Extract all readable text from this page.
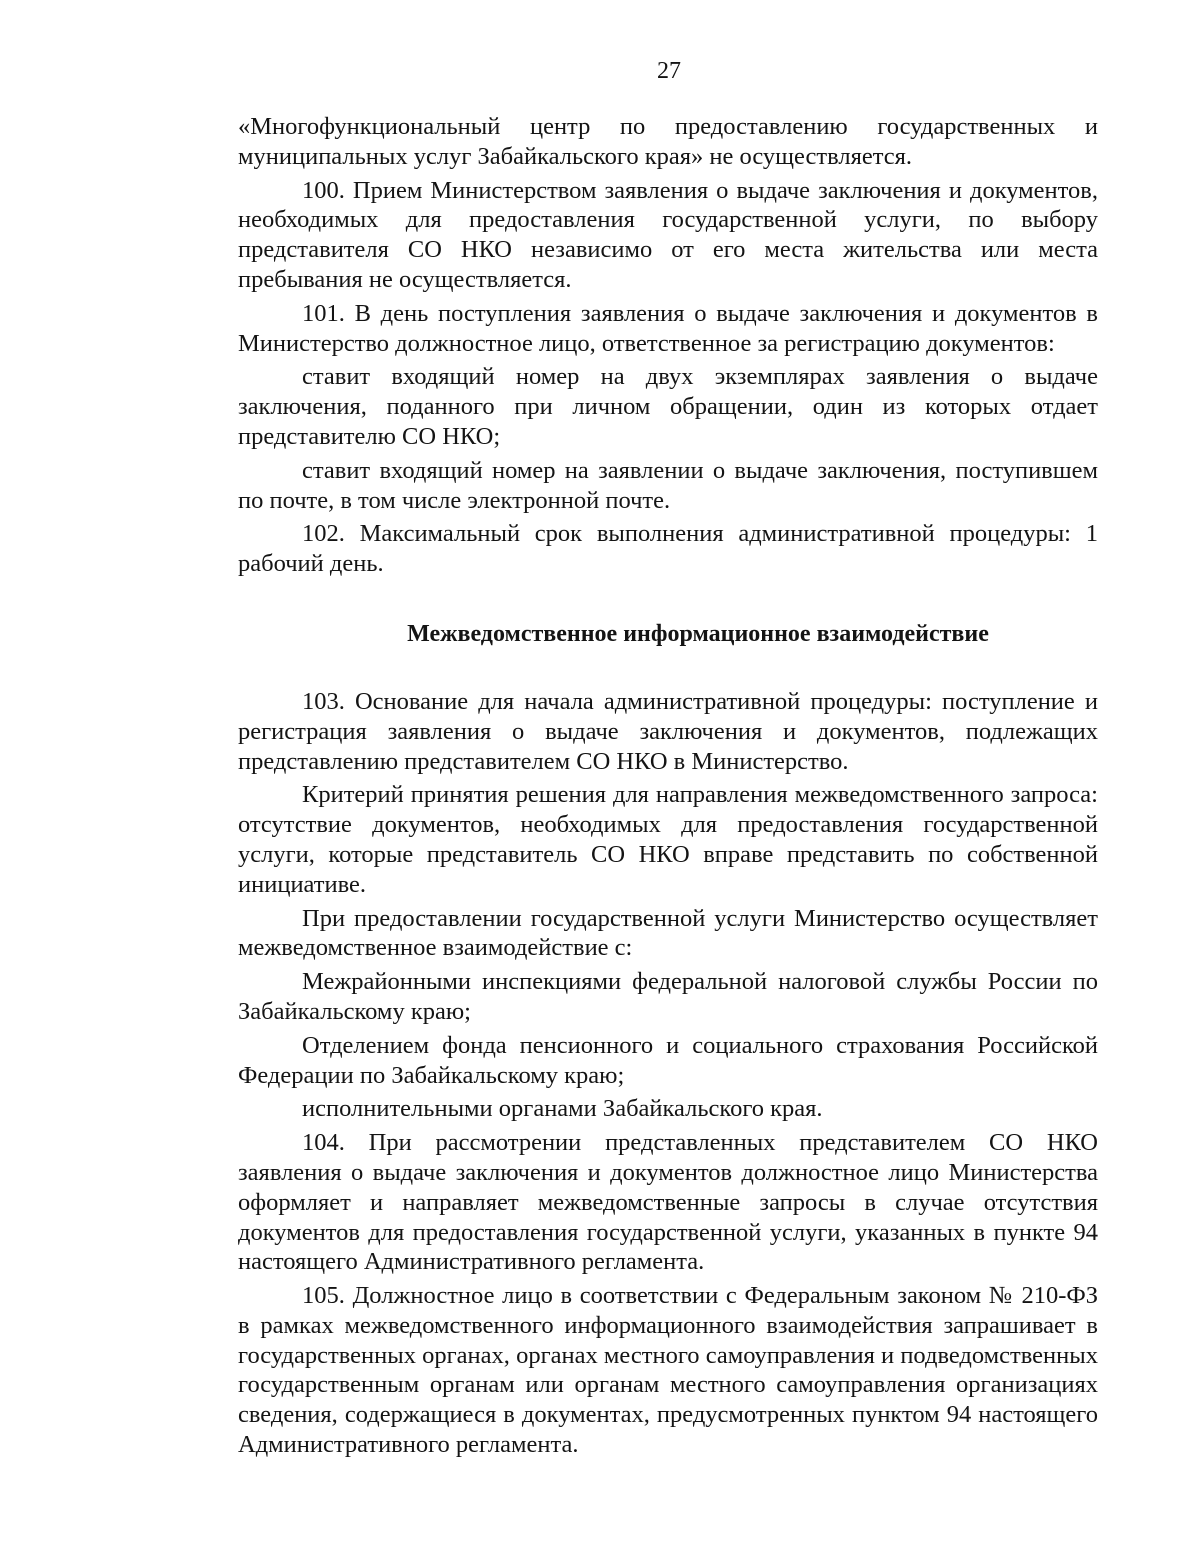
27

«Многофункциональный центр по предоставлению государственных и муниципальных услуг Забайкальского края» не осуществляется.

100. Прием Министерством заявления о выдаче заключения и документов, необходимых для предоставления государственной услуги, по выбору представителя СО НКО независимо от его места жительства или места пребывания не осуществляется.

101. В день поступления заявления о выдаче заключения и документов в Министерство должностное лицо, ответственное за регистрацию документов:

ставит входящий номер на двух экземплярах заявления о выдаче заключения, поданного при личном обращении, один из которых отдает представителю СО НКО;

ставит входящий номер на заявлении о выдаче заключения, поступившем по почте, в том числе электронной почте.

102. Максимальный срок выполнения административной процедуры: 1 рабочий день.

Межведомственное информационное взаимодействие

103. Основание для начала административной процедуры: поступление и регистрация заявления о выдаче заключения и документов, подлежащих представлению представителем СО НКО в Министерство.

Критерий принятия решения для направления межведомственного запроса: отсутствие документов, необходимых для предоставления государственной услуги, которые представитель СО НКО вправе представить по собственной инициативе.

При предоставлении государственной услуги Министерство осуществляет межведомственное взаимодействие с:

Межрайонными инспекциями федеральной налоговой службы России по Забайкальскому краю;

Отделением фонда пенсионного и социального страхования Российской Федерации по Забайкальскому краю;

исполнительными органами Забайкальского края.

104. При рассмотрении представленных представителем СО НКО заявления о выдаче заключения и документов должностное лицо Министерства оформляет и направляет межведомственные запросы в случае отсутствия документов для предоставления государственной услуги, указанных в пункте 94 настоящего Административного регламента.

105. Должностное лицо в соответствии с Федеральным законом № 210-ФЗ в рамках межведомственного информационного взаимодействия запрашивает в государственных органах, органах местного самоуправления и подведомственных государственным органам или органам местного самоуправления организациях сведения, содержащиеся в документах, предусмотренных пунктом 94 настоящего Административного регламента.
